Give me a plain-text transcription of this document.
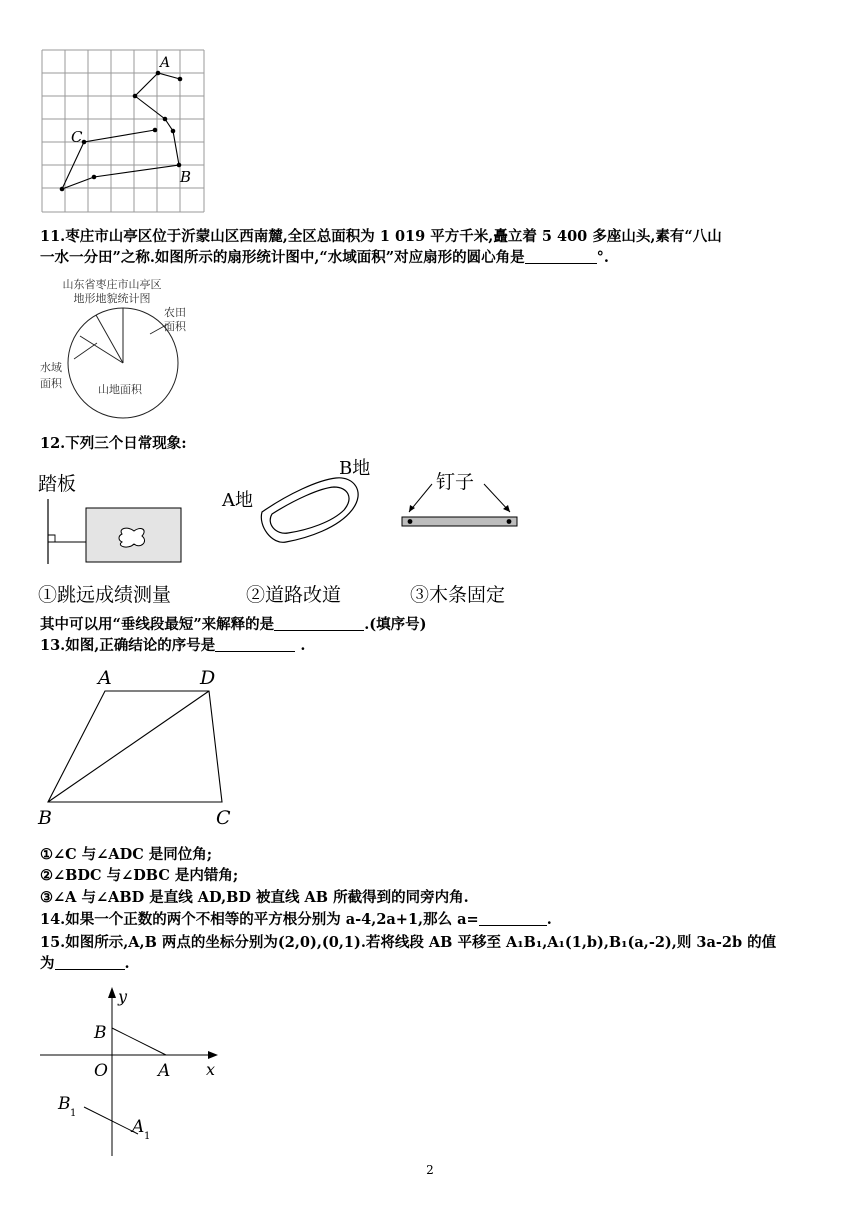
A
C
B
11.枣庄市山亭区位于沂蒙山区西南麓,全区总面积为 1 019 平方千米,矗立着 5 400 多座山头,素有“八山
一水一分田”之称.如图所示的扇形统计图中,“水域面积”对应扇形的圆心角是	°.
山东省枣庄市山亭区
地形地貌统计图
农田
面积
水域
面积	山地面积
12.下列三个日常现象:
踏板
A地
B地
钉子
①跳远成绩测量	②道路改道	③木条固定
其中可以用“垂线段最短”来解释的是	.(填序号)
13.如图,正确结论的序号是	.
A	D
B	C
①∠C 与∠ADC 是同位角;
②∠BDC 与∠DBC 是内错角;
③∠A 与∠ABD 是直线 AD,BD 被直线 AB 所截得到的同旁内角.
14.如果一个正数的两个不相等的平方根分别为 a-4,2a+1,那么 a=	.
15.如图所示,A,B 两点的坐标分别为(2,0),(0,1).若将线段 AB 平移至 A₁B₁,A₁(1,b),B₁(a,-2),则 3a-2b 的值
为	.
y
x
B
O	A
B 1
A 1
2
